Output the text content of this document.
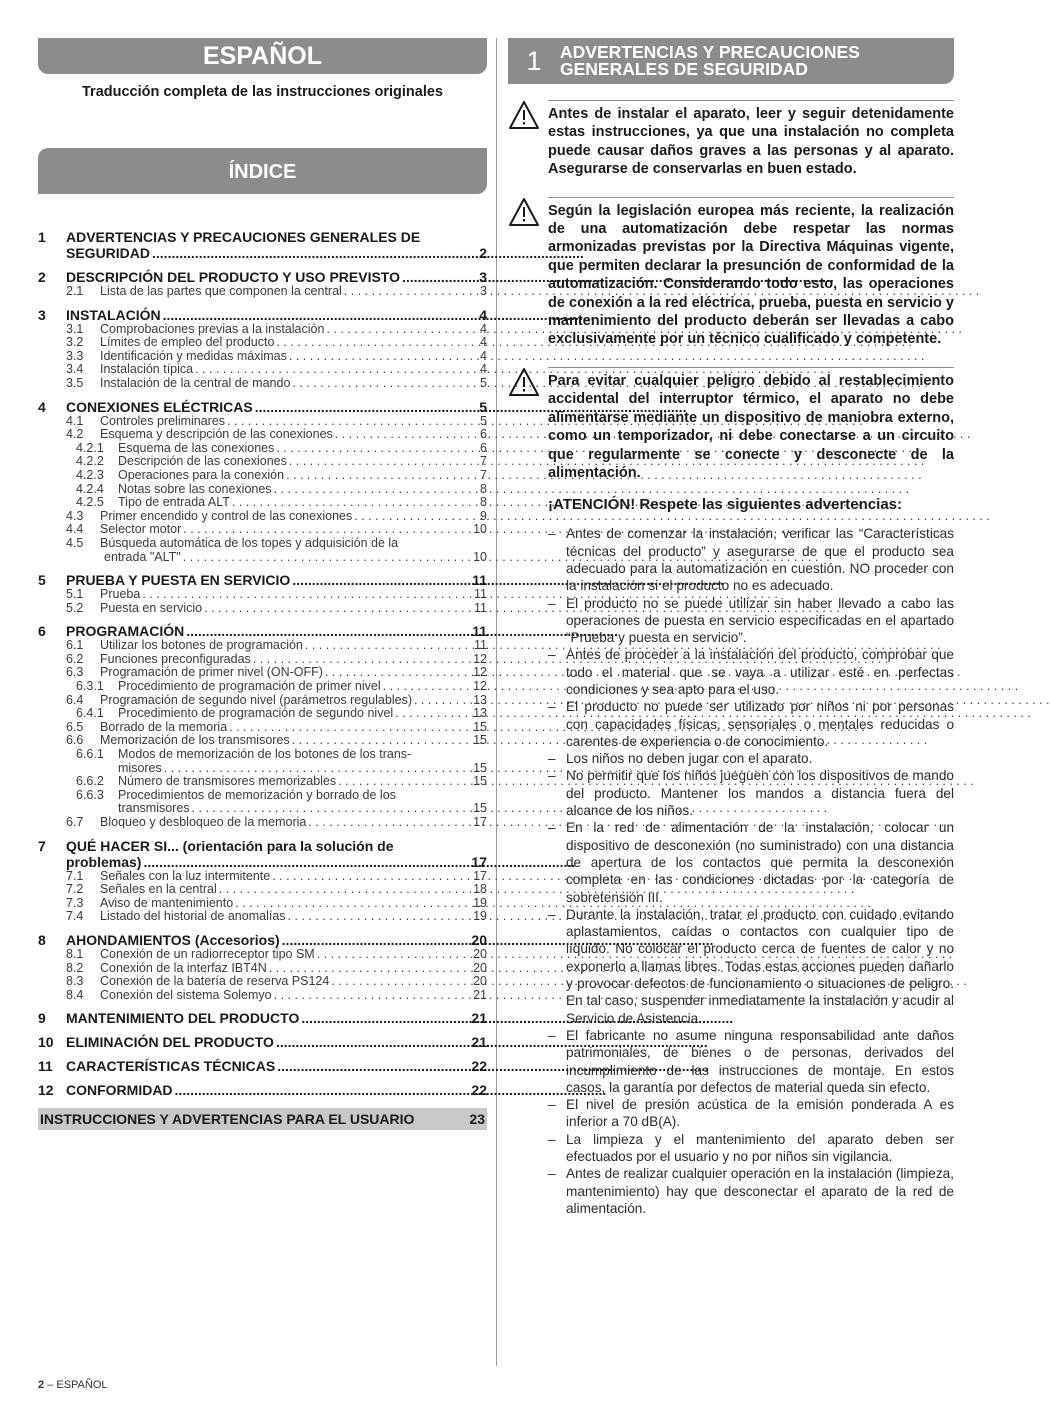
ESPAÑOL
Traducción completa de las instrucciones originales
ÍNDICE
1	ADVERTENCIAS Y PRECAUCIONES GENERALES DE
SEGURIDAD .....	2
2	DESCRIPCIÓN DEL PRODUCTO Y USO PREVISTO .....	3
2.1	Lista de las partes que componen la central . . .	3
3	INSTALACIÓN .....	4
3.1	Comprobaciones previas a la instalación . . .	4
3.2	Límites de empleo del producto . . .	4
3.3	Identificación y medidas máximas . . .	4
3.4	Instalación típica . . .	4
3.5	Instalación de la central de mando . . .	5
4	CONEXIONES ELÉCTRICAS .....	5
4.1	Controles preliminares . . .	5
4.2	Esquema y descripción de las conexiones . . .	6
4.2.1	Esquema de las conexiones . . .	6
4.2.2	Descripción de las conexiones . . .	7
4.2.3	Operaciones para la conexión . . .	7
4.2.4	Notas sobre las conexiones . . .	8
4.2.5	Tipo de entrada ALT . . .	8
4.3	Primer encendido y control de las conexiones . . .	9
4.4	Selector motor . . .	10
4.5	Búsqueda automática de los topes y adquisición de la
entrada "ALT" . . .	10
5	PRUEBA Y PUESTA EN SERVICIO .....	11
5.1	Prueba . . .	11
5.2	Puesta en servicio . . .	11
6	PROGRAMACIÓN .....	11
6.1	Utilizar los botones de programación . . .	11
6.2	Funciones preconfiguradas . . .	12
6.3	Programación de primer nivel (ON-OFF) . . .	12
6.3.1	Procedimiento de programación de primer nivel . . .	12
6.4	Programación de segundo nivel (parámetros regulables) . . .	13
6.4.1	Procedimiento de programación de segundo nivel . . .	13
6.5	Borrado de la memoria . . .	15
6.6	Memorización de los transmisores . . .	15
6.6.1	Modos de memorización de los botones de los trans-
misores . . .	15
6.6.2	Número de transmisores memorizables . . .	15
6.6.3	Procedimientos de memorización y borrado de los
transmisores . . .	15
6.7	Bloqueo y desbloqueo de la memoria . . .	17
7	QUÉ HACER SI... (orientación para la solución de
problemas) .....	17
7.1	Señales con la luz intermitente . . .	17
7.2	Señales en la central . . .	18
7.3	Aviso de mantenimiento . . .	19
7.4	Listado del historial de anomalías . . .	19
8	AHONDAMIENTOS (Accesorios) .....	20
8.1	Conexión de un radiorreceptor tipo SM . . .	20
8.2	Conexión de la interfaz IBT4N . . .	20
8.3	Conexión de la batería de reserva PS124 . . .	20
8.4	Conexión del sistema Solemyo . . .	21
9	MANTENIMIENTO DEL PRODUCTO .....	21
10 ELIMINACIÓN DEL PRODUCTO .....	21
11 CARACTERÍSTICAS TÉCNICAS .....	22
12 CONFORMIDAD .....	22
INSTRUCCIONES Y ADVERTENCIAS PARA EL USUARIO	23
1	ADVERTENCIAS Y PRECAUCIONES
GENERALES DE SEGURIDAD
Antes de instalar el aparato, leer y seguir detenidamente estas instrucciones, ya que una instalación no completa puede causar daños graves a las personas y al aparato. Asegurarse de conservarlas en buen estado.
Según la legislación europea más reciente, la realización de una automatización debe respetar las normas armonizadas previstas por la Directiva Máquinas vigente, que permiten declarar la presunción de conformidad de la automatización. Considerando todo esto, las operaciones de conexión a la red eléctrica, prueba, puesta en servicio y mantenimiento del producto deberán ser llevadas a cabo exclusivamente por un técnico cualificado y competente.
Para evitar cualquier peligro debido al restablecimiento accidental del interruptor térmico, el aparato no debe alimentarse mediante un dispositivo de maniobra externo, como un temporizador, ni debe conectarse a un circuito que regularmente se conecte y desconecte de la alimentación.
¡ATENCIÓN! Respete las siguientes advertencias:
– Antes de comenzar la instalación, verificar las “Características técnicas del producto” y asegurarse de que el producto sea adecuado para la automatización en cuestión. NO proceder con la instalación si el producto no es adecuado.
– El producto no se puede utilizar sin haber llevado a cabo las operaciones de puesta en servicio especificadas en el apartado “Prueba y puesta en servicio”.
– Antes de proceder a la instalación del producto, comprobar que todo el material que se vaya a utilizar esté en perfectas condiciones y sea apto para el uso.
– El producto no puede ser utilizado por niños ni por personas con capacidades físicas, sensoriales o mentales reducidas o carentes de experiencia o de conocimiento.
– Los niños no deben jugar con el aparato.
– No permitir que los niños jueguen con los dispositivos de mando del producto. Mantener los mandos a distancia fuera del alcance de los niños.
– En la red de alimentación de la instalación, colocar un dispositivo de desconexión (no suministrado) con una distancia de apertura de los contactos que permita la desconexión completa en las condiciones dictadas por la categoría de sobretensión III.
– Durante la instalación, tratar el producto con cuidado evitando aplastamientos, caídas o contactos con cualquier tipo de líquido. No colocar el producto cerca de fuentes de calor y no exponerlo a llamas libres. Todas estas acciones pueden dañarlo y provocar defectos de funcionamiento o situaciones de peligro. En tal caso, suspender inmediatamente la instalación y acudir al Servicio de Asistencia.
– El fabricante no asume ninguna responsabilidad ante daños patrimoniales, de bienes o de personas, derivados del incumplimiento de las instrucciones de montaje. En estos casos, la garantía por defectos de material queda sin efecto.
– El nivel de presión acústica de la emisión ponderada A es inferior a 70 dB(A).
– La limpieza y el mantenimiento del aparato deben ser efectuados por el usuario y no por niños sin vigilancia.
– Antes de realizar cualquier operación en la instalación (limpieza, mantenimiento) hay que desconectar el aparato de la red de alimentación.
2 – ESPAÑOL
